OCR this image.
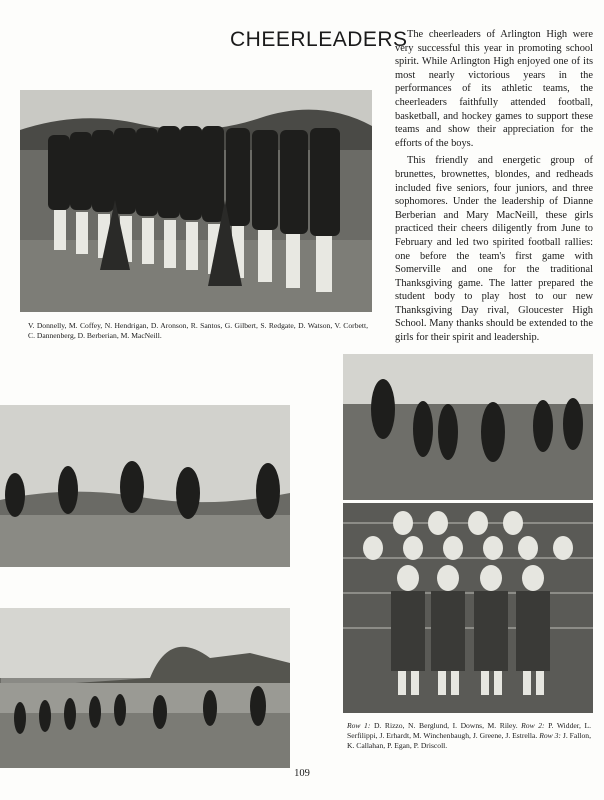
CHEERLEADERS The cheerleaders of Arlington High were very successful this year in promoting school spirit. While Arlington High enjoyed one of its most nearly victorious years in the performances of its athletic teams, the cheerleaders faithfully attended football, basketball, and hockey games to support these teams and show their appreciation for the efforts of the boys.

This friendly and energetic group of brunettes, brownettes, blondes, and redheads included five seniors, four juniors, and three sophomores. Under the leadership of Dianne Berberian and Mary MacNeill, these girls practiced their cheers diligently from June to February and led two spirited football rallies: one before the team's first game with Somerville and one for the traditional Thanksgiving game. The latter prepared the student body to play host to our new Thanksgiving Day rival, Gloucester High School. Many thanks should be extended to the girls for their spirit and leadership.

V. Donnelly, M. Coffey, N. Hendrigan, D. Aronson, R. Santos, G. Gilbert, S. Redgate, D. Watson, V. Corbett, C. Dannenberg, D. Berberian, M. MacNeill.
Row 1: D. Rizzo, N. Berglund, I. Downs, M. Riley. Row 2: P. Widder, L. Serfilippi, J. Erhardt, M. Winchenbaugh, J. Greene, J. Estrella. Row 3: J. Fallon, K. Callahan, P. Egan, P. Driscoll.
109
